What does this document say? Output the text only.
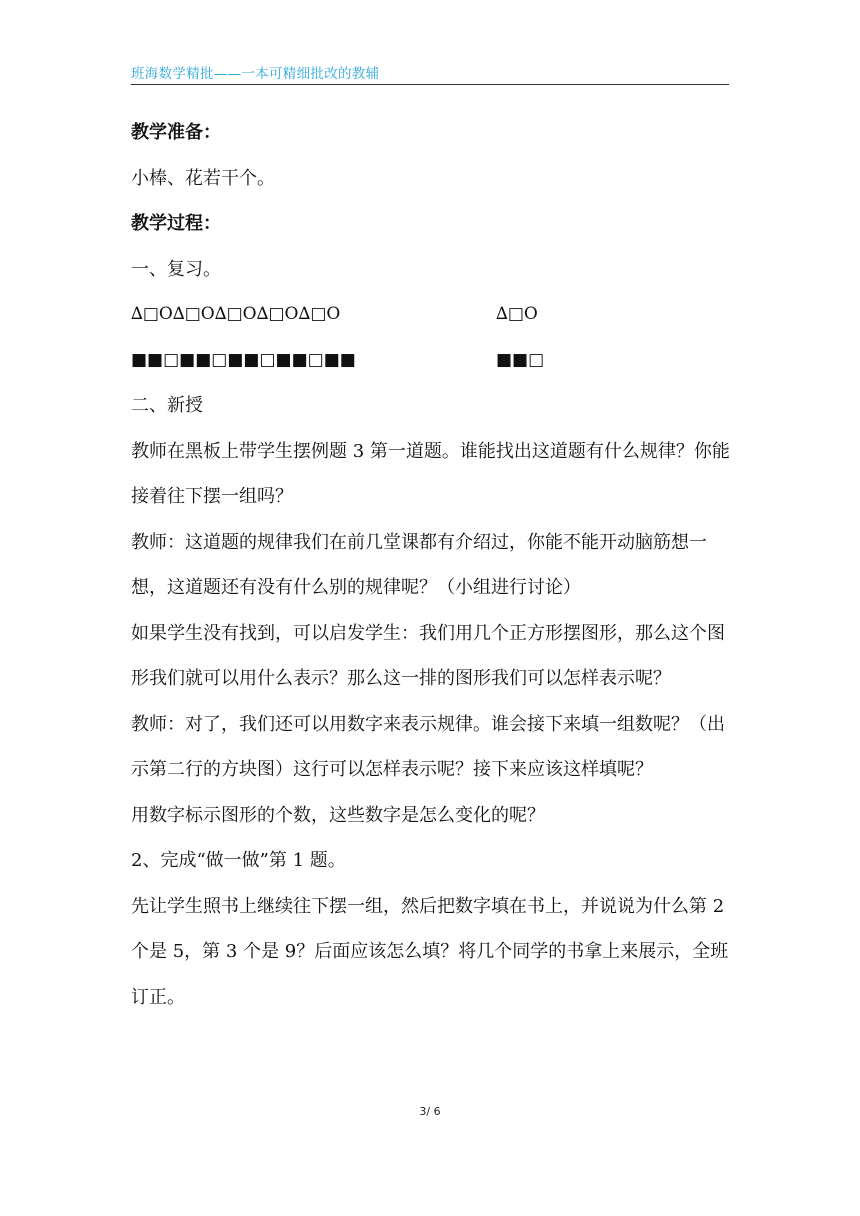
班海数学精批——一本可精细批改的教辅

教学准备：

小棒、花若干个。

教学过程：

一、复习。

∆□O∆□O∆□O∆□O∆□O	∆□O
■■□■■□■■□■■□■■	■■□

二、新授

教师在黑板上带学生摆例题 3 第一道题。谁能找出这道题有什么规律？你能接着往下摆一组吗？

教师：这道题的规律我们在前几堂课都有介绍过，你能不能开动脑筋想一想，这道题还有没有什么别的规律呢？（小组进行讨论）

如果学生没有找到，可以启发学生：我们用几个正方形摆图形，那么这个图形我们就可以用什么表示？那么这一排的图形我们可以怎样表示呢？

教师：对了，我们还可以用数字来表示规律。谁会接下来填一组数呢？（出示第二行的方块图）这行可以怎样表示呢？接下来应该这样填呢？

用数字标示图形的个数，这些数字是怎么变化的呢？

2、完成“做一做”第 1 题。

先让学生照书上继续往下摆一组，然后把数字填在书上，并说说为什么第 2 个是 5，第 3 个是 9？后面应该怎么填？将几个同学的书拿上来展示，全班订正。

3/ 6
